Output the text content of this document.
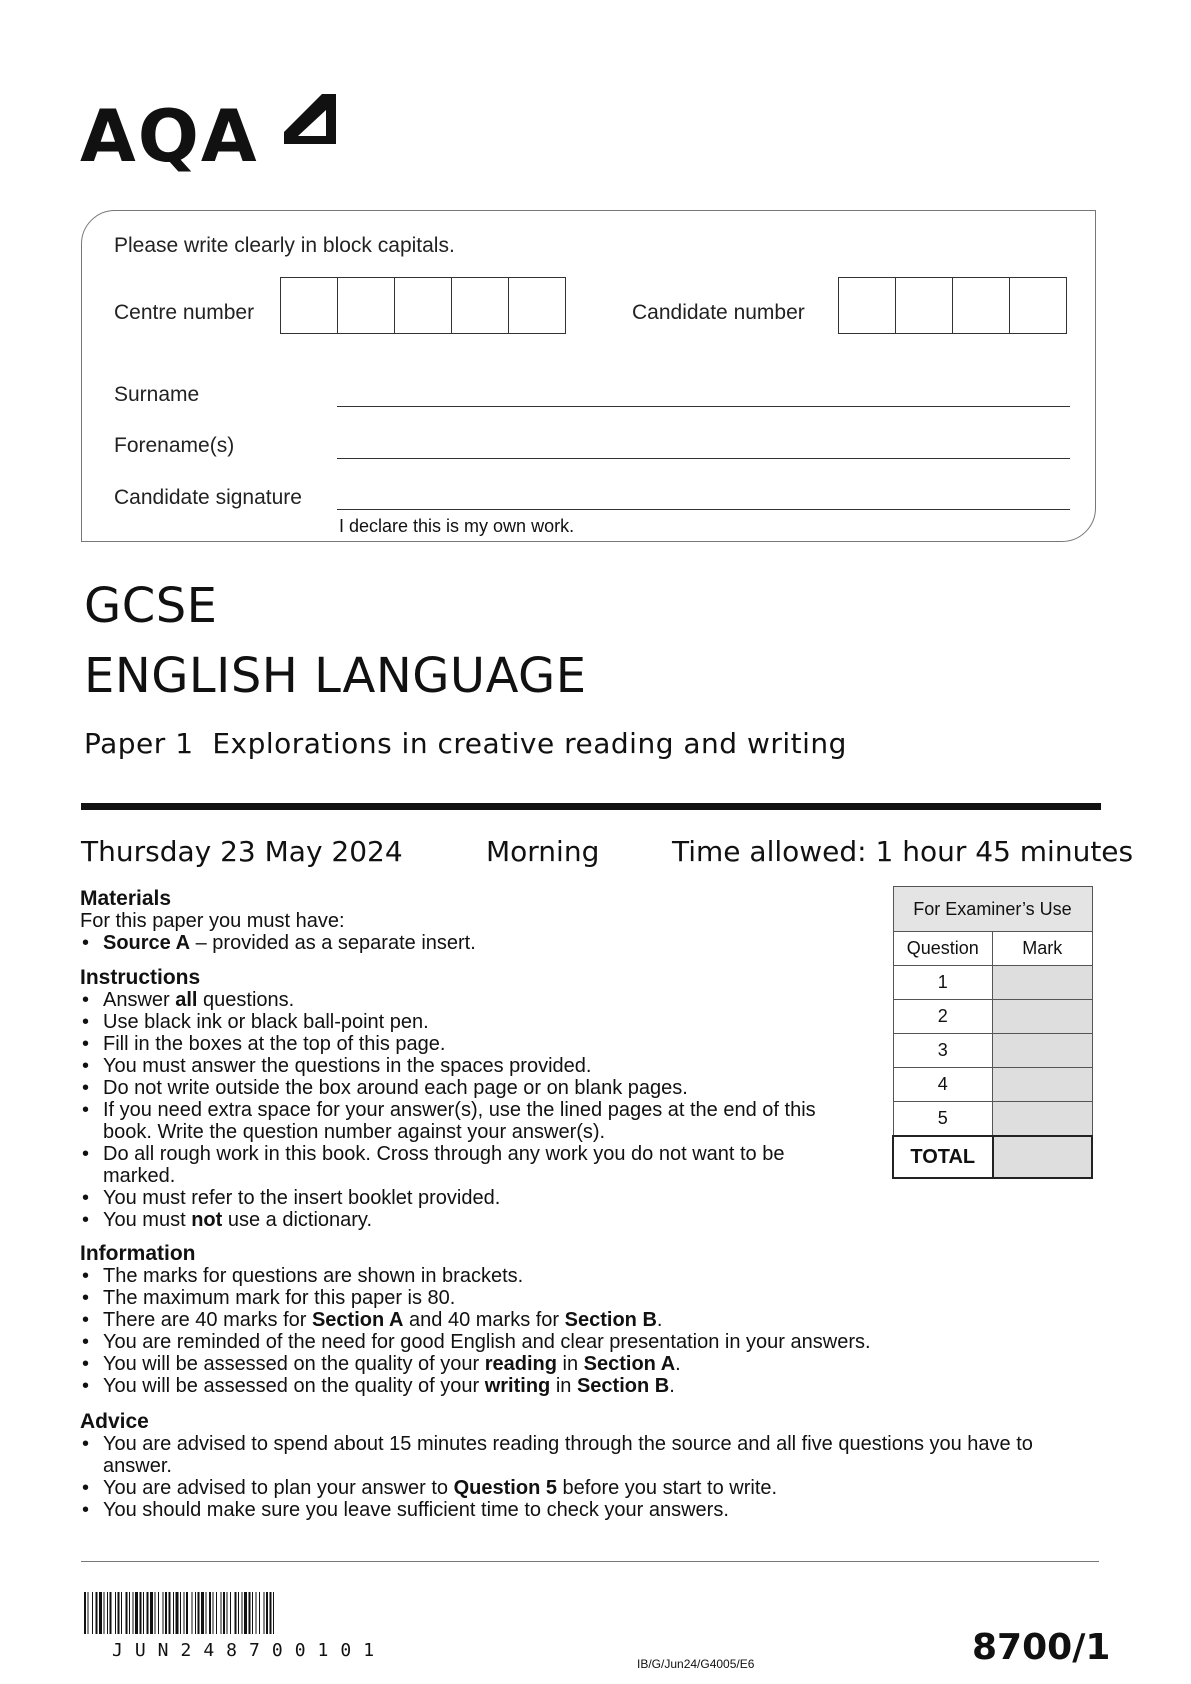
AQA
Please write clearly in block capitals.
Centre number	Candidate number
Surname
Forename(s)
Candidate signature
I declare this is my own work.
GCSE
ENGLISH LANGUAGE
Paper 1  Explorations in creative reading and writing
Thursday 23 May 2024	Morning	Time allowed: 1 hour 45 minutes
Materials

For this paper you must have:

• Source A – provided as a separate insert.
Instructions
• Answer all questions.
• Use black ink or black ball-point pen.
• Fill in the boxes at the top of this page.
• You must answer the questions in the spaces provided.
• Do not write outside the box around each page or on blank pages.
• If you need extra space for your answer(s), use the lined pages at the end of this book. Write the question number against your answer(s).
• Do all rough work in this book. Cross through any work you do not want to be marked.
• You must refer to the insert booklet provided.
• You must not use a dictionary.
Information
• The marks for questions are shown in brackets.
• The maximum mark for this paper is 80.
• There are 40 marks for Section A and 40 marks for Section B.
• You are reminded of the need for good English and clear presentation in your answers.
• You will be assessed on the quality of your reading in Section A.
• You will be assessed on the quality of your writing in Section B.
Advice
• You are advised to spend about 15 minutes reading through the source and all five questions you have to answer.
• You are advised to plan your answer to Question 5 before you start to write.
• You should make sure you leave sufficient time to check your answers.
For Examiner’s Use	
Question	Mark
1	
2	
3	
4	
5	
TOTAL	
JUN248700101
IB/G/Jun24/G4005/E6	8700/1
